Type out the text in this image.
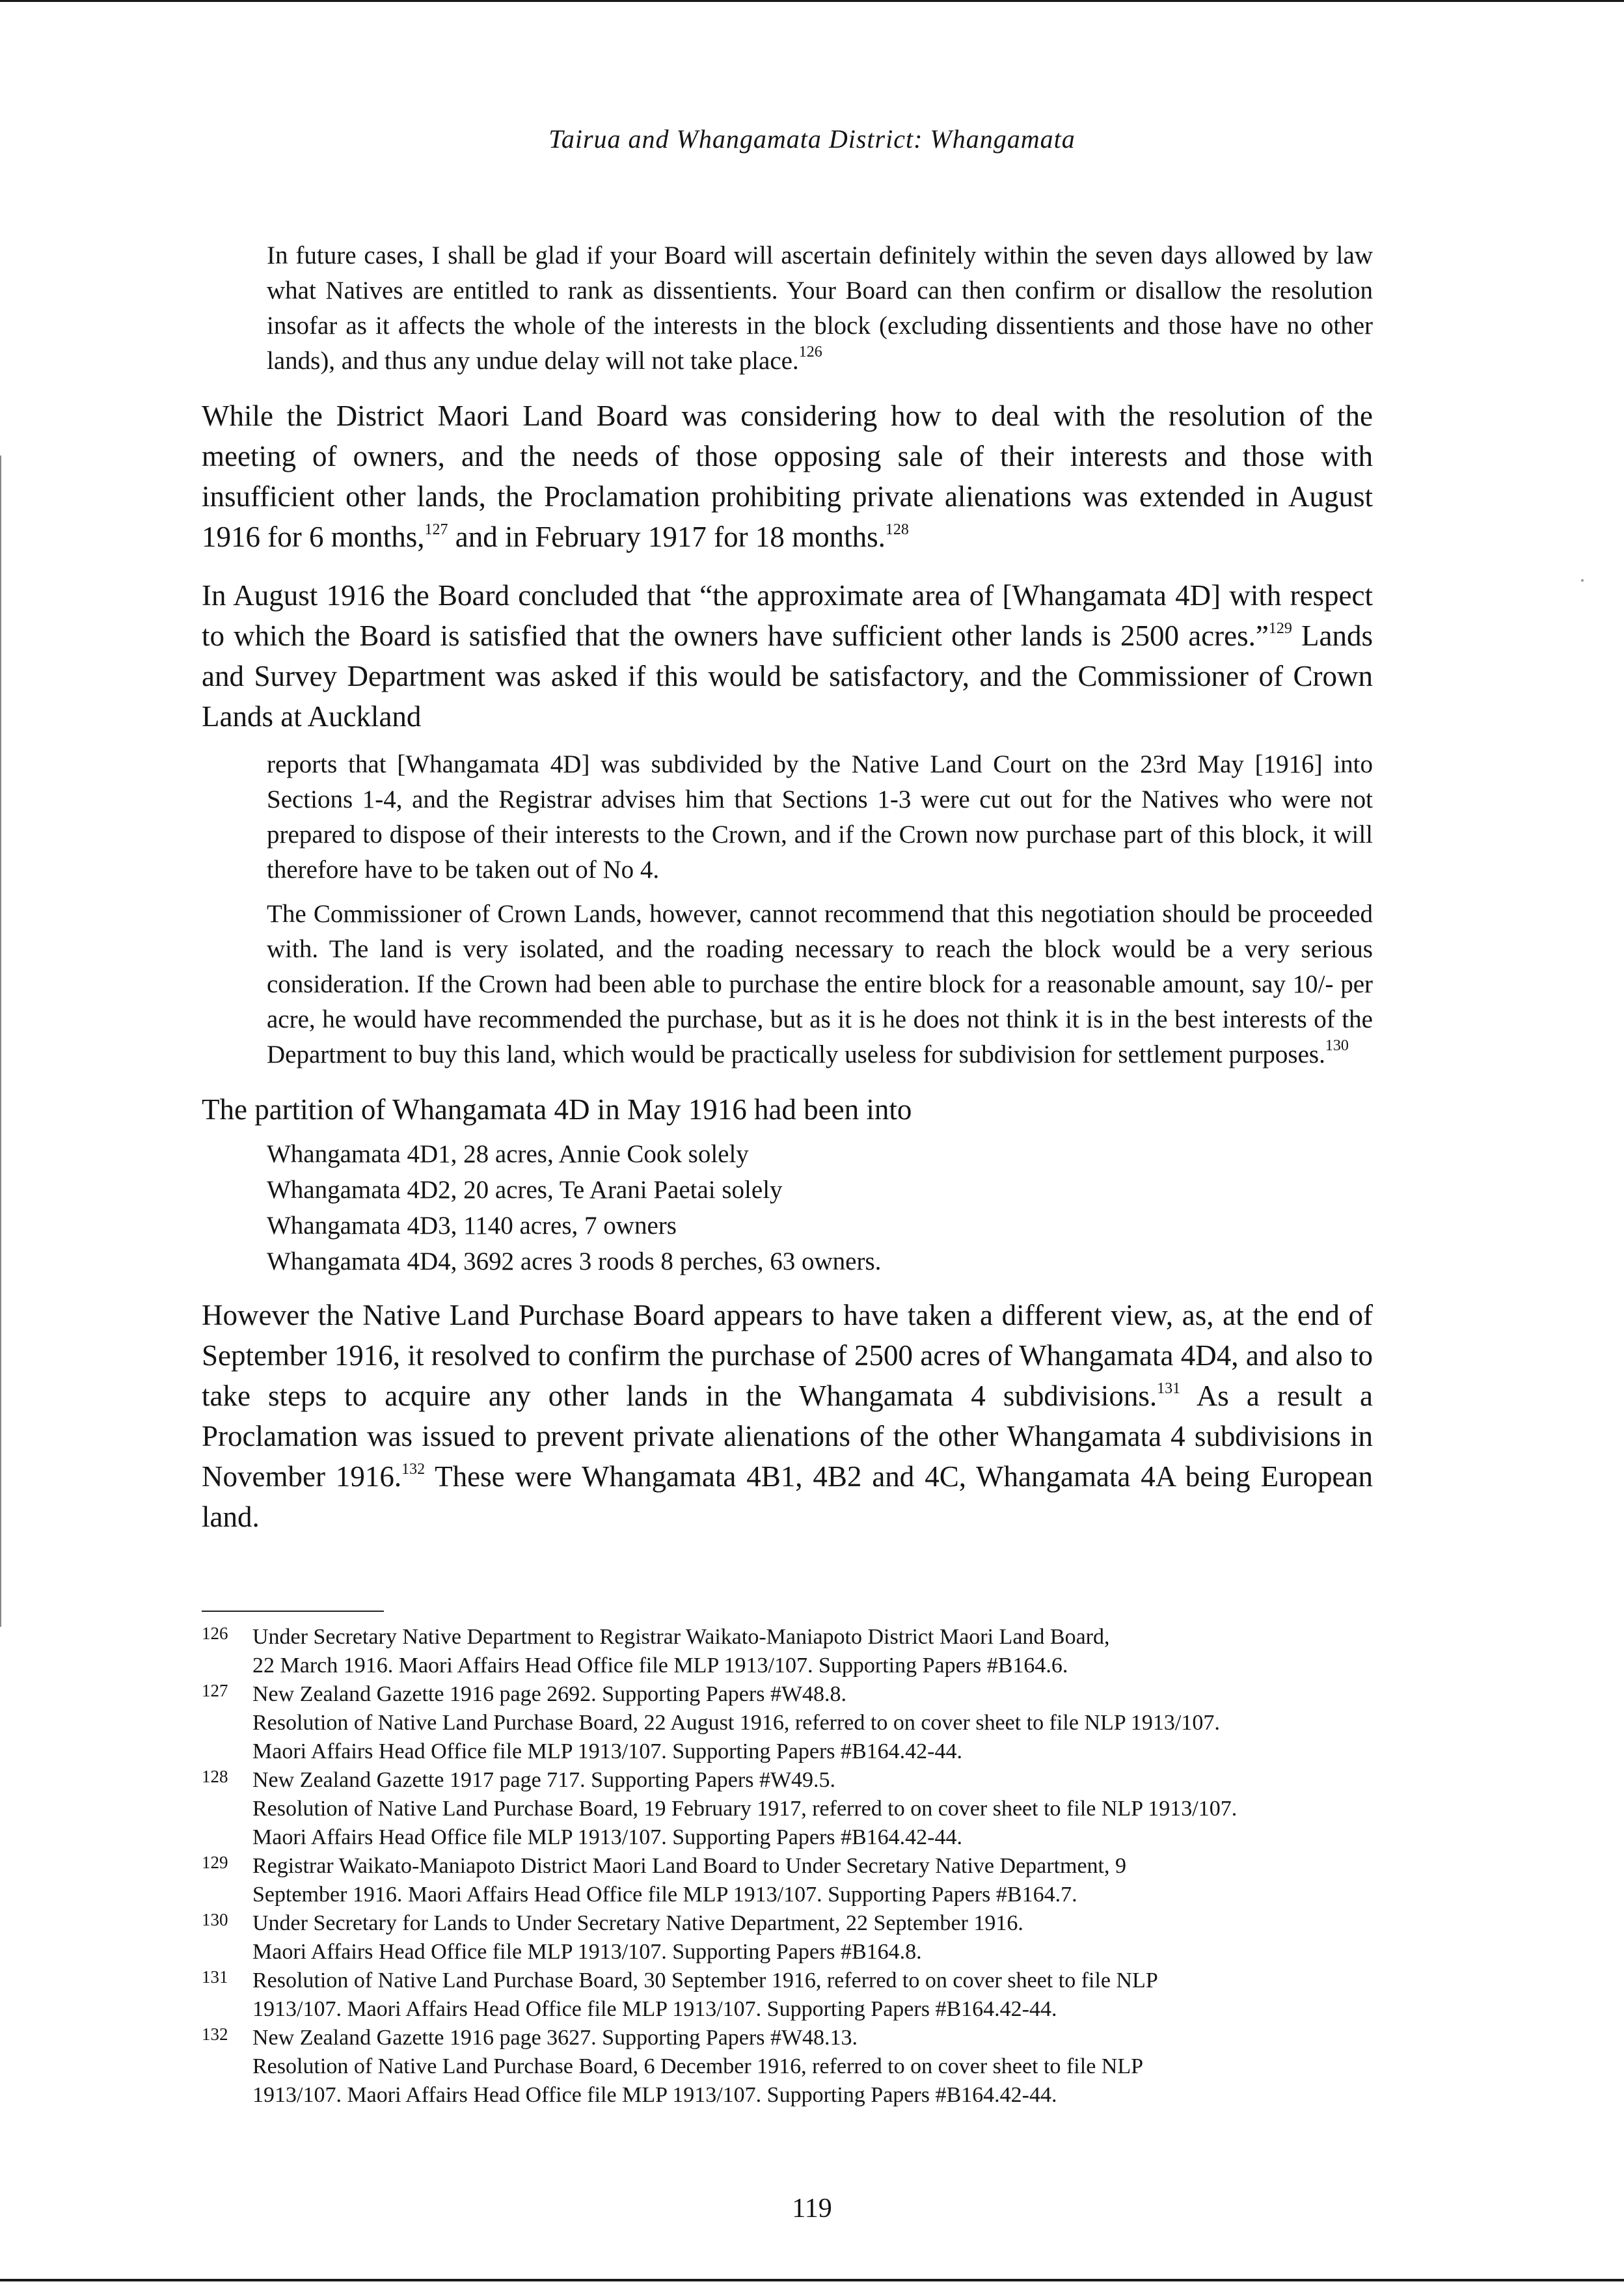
Tairua and Whangamata District: Whangamata

In future cases, I shall be glad if your Board will ascertain definitely within the seven days allowed by law what Natives are entitled to rank as dissentients. Your Board can then confirm or disallow the resolution insofar as it affects the whole of the interests in the block (excluding dissentients and those have no other lands), and thus any undue delay will not take place.$^{126}$

While the District Maori Land Board was considering how to deal with the resolution of the meeting of owners, and the needs of those opposing sale of their interests and those with insufficient other lands, the Proclamation prohibiting private alienations was extended in August 1916 for 6 months,$^{127}$ and in February 1917 for 18 months.$^{128}$

In August 1916 the Board concluded that “the approximate area of [Whangamata 4D] with respect to which the Board is satisfied that the owners have sufficient other lands is 2500 acres.”$^{129}$ Lands and Survey Department was asked if this would be satisfactory, and the Commissioner of Crown Lands at Auckland

reports that [Whangamata 4D] was subdivided by the Native Land Court on the 23rd May [1916] into Sections 1-4, and the Registrar advises him that Sections 1-3 were cut out for the Natives who were not prepared to dispose of their interests to the Crown, and if the Crown now purchase part of this block, it will therefore have to be taken out of No 4.

The Commissioner of Crown Lands, however, cannot recommend that this negotiation should be proceeded with. The land is very isolated, and the roading necessary to reach the block would be a very serious consideration. If the Crown had been able to purchase the entire block for a reasonable amount, say 10/- per acre, he would have recommended the purchase, but as it is he does not think it is in the best interests of the Department to buy this land, which would be practically useless for subdivision for settlement purposes.$^{130}$

The partition of Whangamata 4D in May 1916 had been into

Whangamata 4D1, 28 acres, Annie Cook solely
Whangamata 4D2, 20 acres, Te Arani Paetai solely
Whangamata 4D3, 1140 acres, 7 owners
Whangamata 4D4, 3692 acres 3 roods 8 perches, 63 owners.

However the Native Land Purchase Board appears to have taken a different view, as, at the end of September 1916, it resolved to confirm the purchase of 2500 acres of Whangamata 4D4, and also to take steps to acquire any other lands in the Whangamata 4 subdivisions.$^{131}$ As a result a Proclamation was issued to prevent private alienations of the other Whangamata 4 subdivisions in November 1916.$^{132}$ These were Whangamata 4B1, 4B2 and 4C, Whangamata 4A being European land.

126 Under Secretary Native Department to Registrar Waikato-Maniapoto District Maori Land Board,
22 March 1916. Maori Affairs Head Office file MLP 1913/107. Supporting Papers #B164.6.
127 New Zealand Gazette 1916 page 2692. Supporting Papers #W48.8.
Resolution of Native Land Purchase Board, 22 August 1916, referred to on cover sheet to file NLP 1913/107.
Maori Affairs Head Office file MLP 1913/107. Supporting Papers #B164.42-44.
128 New Zealand Gazette 1917 page 717. Supporting Papers #W49.5.
Resolution of Native Land Purchase Board, 19 February 1917, referred to on cover sheet to file NLP 1913/107.
Maori Affairs Head Office file MLP 1913/107. Supporting Papers #B164.42-44.
129 Registrar Waikato-Maniapoto District Maori Land Board to Under Secretary Native Department, 9
September 1916. Maori Affairs Head Office file MLP 1913/107. Supporting Papers #B164.7.
130 Under Secretary for Lands to Under Secretary Native Department, 22 September 1916.
Maori Affairs Head Office file MLP 1913/107. Supporting Papers #B164.8.
131 Resolution of Native Land Purchase Board, 30 September 1916, referred to on cover sheet to file NLP
1913/107. Maori Affairs Head Office file MLP 1913/107. Supporting Papers #B164.42-44.
132 New Zealand Gazette 1916 page 3627. Supporting Papers #W48.13.
Resolution of Native Land Purchase Board, 6 December 1916, referred to on cover sheet to file NLP
1913/107. Maori Affairs Head Office file MLP 1913/107. Supporting Papers #B164.42-44.
119
